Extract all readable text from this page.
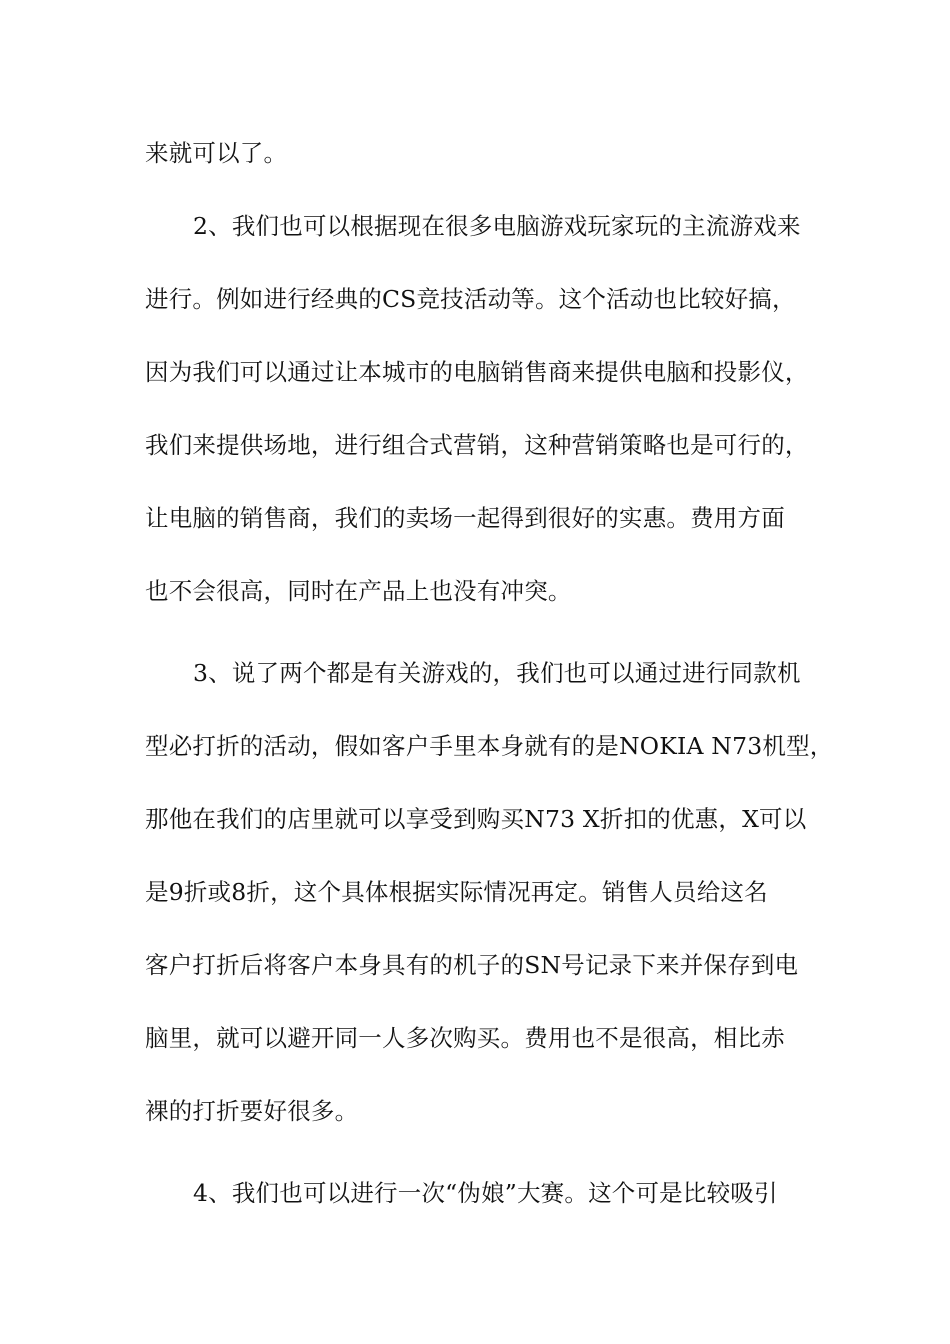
来就可以了。
2、我们也可以根据现在很多电脑游戏玩家玩的主流游戏来
进行。例如进行经典的CS竞技活动等。这个活动也比较好搞，
因为我们可以通过让本城市的电脑销售商来提供电脑和投影仪，
我们来提供场地，进行组合式营销，这种营销策略也是可行的，
让电脑的销售商，我们的卖场一起得到很好的实惠。费用方面
也不会很高，同时在产品上也没有冲突。
3、说了两个都是有关游戏的，我们也可以通过进行同款机
型必打折的活动，假如客户手里本身就有的是NOKIA N73机型，
那他在我们的店里就可以享受到购买N73 X折扣的优惠，X可以
是9折或8折，这个具体根据实际情况再定。销售人员给这名
客户打折后将客户本身具有的机子的SN号记录下来并保存到电
脑里，就可以避开同一人多次购买。费用也不是很高，相比赤
裸的打折要好很多。
4、我们也可以进行一次“伪娘”大赛。这个可是比较吸引
